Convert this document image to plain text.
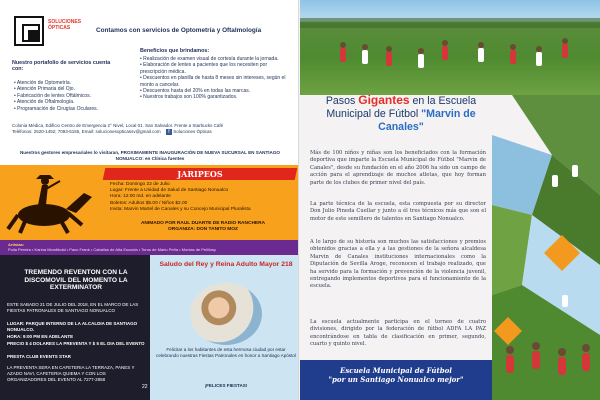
SOLUCIONES ÓPTICAS	Contamos con servicios de Optometría y Oftalmología
Nuestro portafolio de servicios cuenta con:
• Atención de Optometría.
• Atención Primaria del Ojo.
• Fabricación de lentes Oftálmicos.
• Atención de Oftalmología.
• Programación de Cirugías Oculares.
Beneficios que brindamos:
• Realización de examen visual de cortesía durante la jornada.
• Elaboración de lentes a pacientes que los necesiten por prescripción médica.
• Descuentos en planilla de hasta 8 meses sin intereses, según el monto a cancelar.
• Descuentos hasta del 20% en todas las marcas.
• Nuestros trabajos son 100% garantizados.
Colonia Médica, Edificio Centro de Emergencia 2° Nivel, Local 01. San Salvador. Frente a Starbucks Café
Teléfonos: 2520-1452; 7093-5155, Email: solucionesopticassv@gmail.com f Soluciones Ópticas
Nuestros gestores empresariales lo visitaran, PROXIMAMENTE INAUGURACIÓN DE NUEVA SUCURSAL EN SANTIAGO NONUALCO: en Clínica fuentes
JARIPEOS
Fecha: Domingo 22 de Julio
Lugar: Frente a Unidad de Salud de Santiago Nonualco
Hora: 12:00 md. en adelante
Boletos: Adultos $5.00 / Niños $2.00
Invita: Marvin Martel de Canales y su Concejo Municipal Pluralista
ANIMADO POR RAUL DUARTE DE RADIO RANCHERA
ORGANIZA: DON TANITO MOZ
Artistas:
Pulia Pereira • Karina Mondtkdal • Paco Frank • Caballos de Alta Escuela • Toros de Mario Peña • Monias de Pelillosy
TREMENDO REVENTON CON LA DISCOMOVIL DEL MOMENTO LA EXTERMINATOR
ESTE SABADO 21 DE JULIO DEL 2018, EN EL MARCO DE LAS FIESTAS PATRONALES DE SANTIAGO NONUALCO
LUGAR: PARQUE INTERNO DE LA ALCALDIA DE SANTIAGO NONUALCO.
HORA: 9:00 PM EN ADELANTE
PRECIO $ 4 DOLARES LA PREVENTA Y $ 5 EL DIA DEL EVENTO
PRESTA CLUB EVENTS STAR
LA PREVENTA SERA EN CAFETERIA LA TERRAZA, PANES Y AZADO NAVI, CAFETERIA QUIEMA Y CON LOS ORGANIZADORES DEL EVENTO AL 7277-2858
Saludo del Rey y Reina Adulto Mayor 218
Felicitar a los habitantes de esta hermosa ciudad por estar celebrando nuestras Fiestas Patronales en honor a Santiago Apóstol
¡FELICES FIESTAS!
22
Pasos Gigantes en la Escuela Municipal de Fútbol "Marvin de Canales"
Más de 100 niños y niñas son los beneficiados con la formación deportiva que imparte la Escuela Municipal de Fútbol "Marvin de Canales", desde su fundación en el año 2006 ha sido un campo de acción para el aprendizaje de muchos atletas, que hoy forman parte de los clubes de primer nivel del país.
La parte técnica de la escuela, esta compuesta por su director Don Julio Pineda Cuellar y junto a él tres técnicos más que son el motor de este semillero de talentos en Santiago Nonualco.
A lo largo de su historia son muchos las satisfacciones y premios obtenidos gracias a ella y a las gestiones de la señora alcaldesa Marvin de Canales instituciones internacionales como la Diputación de Sevilla Aroge, reconocen el trabajo realizado, que ha servido para la formación y prevención de la violencia juvenil, entregando implementos deportivos para el funcionamiento de la escuela.
La escuela actualmente participa en el torneo de cuatro divisiones, dirigido por la federación de fútbol ADFA LA PAZ encontrándose en tabla de clasificación en primer, segundo, cuarto y quinto nivel.
Escuela Municipal de Fútbol
"por un Santiago Nonualco mejor"
